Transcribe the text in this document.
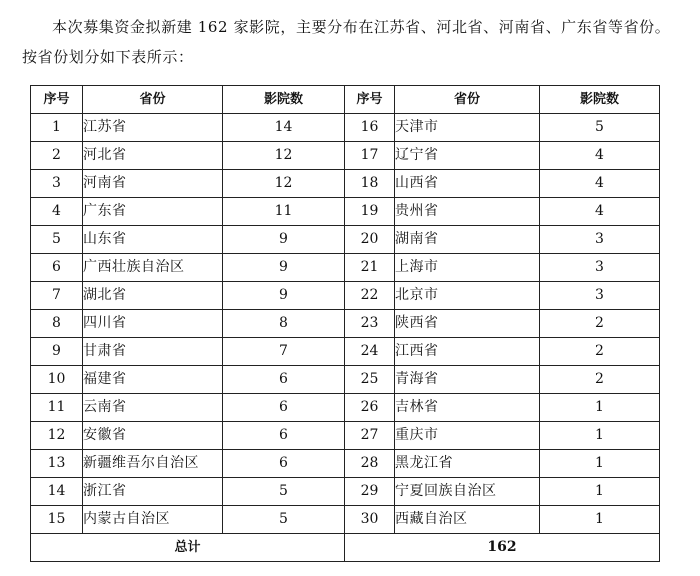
本次募集资金拟新建 162 家影院，主要分布在江苏省、河北省、河南省、广东省等省份。按省份划分如下表所示：

序号	省份	影院数	序号	省份	影院数
1	江苏省	14	16	天津市	5
2	河北省	12	17	辽宁省	4
3	河南省	12	18	山西省	4
4	广东省	11	19	贵州省	4
5	山东省	9	20	湖南省	3
6	广西壮族自治区	9	21	上海市	3
7	湖北省	9	22	北京市	3
8	四川省	8	23	陕西省	2
9	甘肃省	7	24	江西省	2
10	福建省	6	25	青海省	2
11	云南省	6	26	吉林省	1
12	安徽省	6	27	重庆市	1
13	新疆维吾尔自治区	6	28	黑龙江省	1
14	浙江省	5	29	宁夏回族自治区	1
15	内蒙古自治区	5	30	西藏自治区	1
总计			162		
